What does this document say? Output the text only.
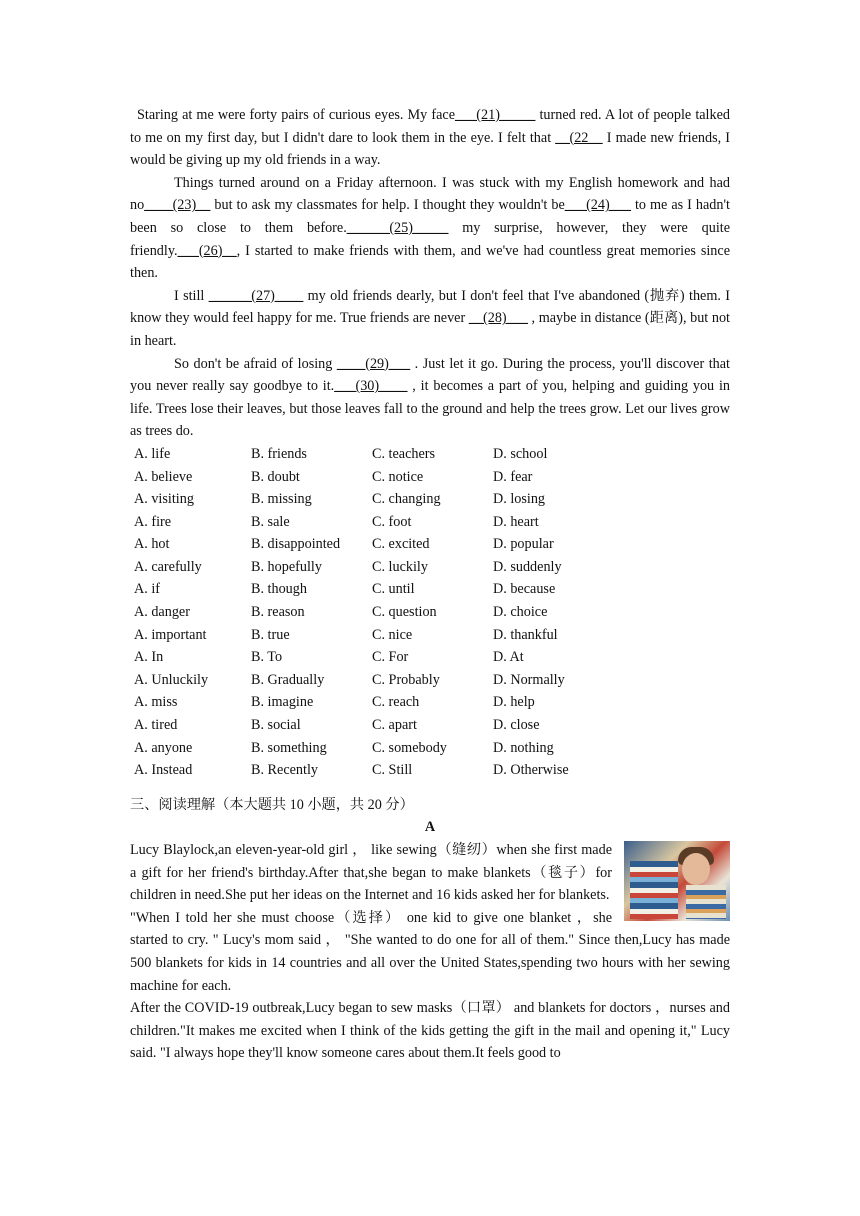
Staring at me were forty pairs of curious eyes. My face___(21)_____ turned red. A lot of people talked to me on my first day, but I didn't dare to look them in the eye. I felt that __(22__ I made new friends, I would be giving up my old friends in a way.

Things turned around on a Friday afternoon. I was stuck with my English homework and had no____(23)__ but to ask my classmates for help. I thought they wouldn't be___(24)___ to me as I hadn't been so close to them before.______(25)_____ my surprise, however, they were quite friendly.___(26)__, I started to make friends with them, and we've had countless great memories since then.

I still ______(27)____ my old friends dearly, but I don't feel that I've abandoned (抛弃) them. I know they would feel happy for me. True friends are never __(28)___ , maybe in distance (距离), but not in heart.

So don't be afraid of losing ____(29)___ . Just let it go. During the process, you'll discover that you never really say goodbye to it.___(30)____ , it becomes a part of you, helping and guiding you in life. Trees lose their leaves, but those leaves fall to the ground and help the trees grow. Let our lives grow as trees do.

A. life	B. friends	C. teachers	D. school
A. believe	B. doubt	C. notice	D. fear
A. visiting	B. missing	C. changing	D. losing
A. fire	B. sale	C. foot	D. heart
A. hot	B. disappointed	C. excited	D. popular
A. carefully	B. hopefully	C. luckily	D. suddenly
A. if	B. though	C. until	D. because
A. danger	B. reason	C. question	D. choice
A. important	B. true	C. nice	D. thankful
A. In	B. To	C. For	D. At
A. Unluckily	B. Gradually	C. Probably	D. Normally
A. miss	B. imagine	C. reach	D. help
A. tired	B. social	C. apart	D. close
A. anyone	B. something	C. somebody	D. nothing
A. Instead	B. Recently	C. Still	D. Otherwise
三、阅读理解（本大题共 10 小题，共 20 分）
A

Lucy Blaylock,an eleven-year-old girl ， like sewing（缝纫）when she first made a gift for her friend's birthday.After that,she began to make blankets（毯子）for children in need.She put her ideas on the Internet and 16 kids asked her for blankets.

"When I told her she must choose（选择） one kid to give one blanket ，she started to cry. " Lucy's mom said ， "She wanted to do one for all of them." Since then,Lucy has made 500 blankets for kids in 14 countries and all over the United States,spending two hours with her sewing machine for each.

After the COVID-19 outbreak,Lucy began to sew masks（口罩） and blankets for doctors ，nurses and children."It makes me excited when I think of the kids getting the gift in the mail and opening it," Lucy said. "I always hope they'll know someone cares about them.It feels good to
